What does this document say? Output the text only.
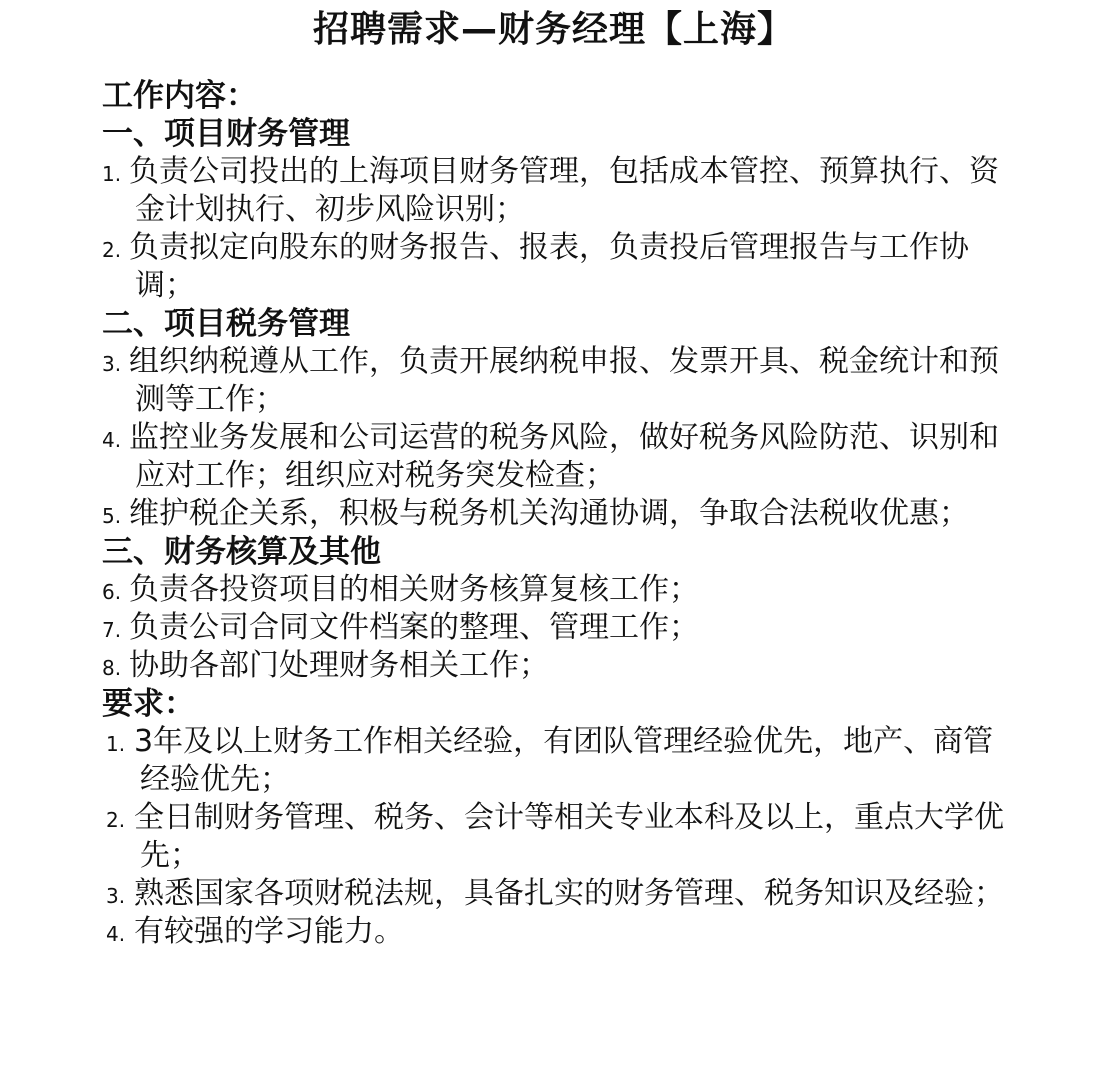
招聘需求—财务经理【上海】
工作内容：
一、项目财务管理
1. 负责公司投出的上海项目财务管理，包括成本管控、预算执行、资金计划执行、初步风险识别；
2. 负责拟定向股东的财务报告、报表，负责投后管理报告与工作协调；
二、项目税务管理
3. 组织纳税遵从工作，负责开展纳税申报、发票开具、税金统计和预测等工作；
4. 监控业务发展和公司运营的税务风险，做好税务风险防范、识别和应对工作；组织应对税务突发检查；
5. 维护税企关系，积极与税务机关沟通协调，争取合法税收优惠；
三、财务核算及其他
6. 负责各投资项目的相关财务核算复核工作；
7. 负责公司合同文件档案的整理、管理工作；
8. 协助各部门处理财务相关工作；
要求：
1. 3年及以上财务工作相关经验，有团队管理经验优先，地产、商管经验优先；
2. 全日制财务管理、税务、会计等相关专业本科及以上，重点大学优先；
3. 熟悉国家各项财税法规，具备扎实的财务管理、税务知识及经验；
4. 有较强的学习能力。
